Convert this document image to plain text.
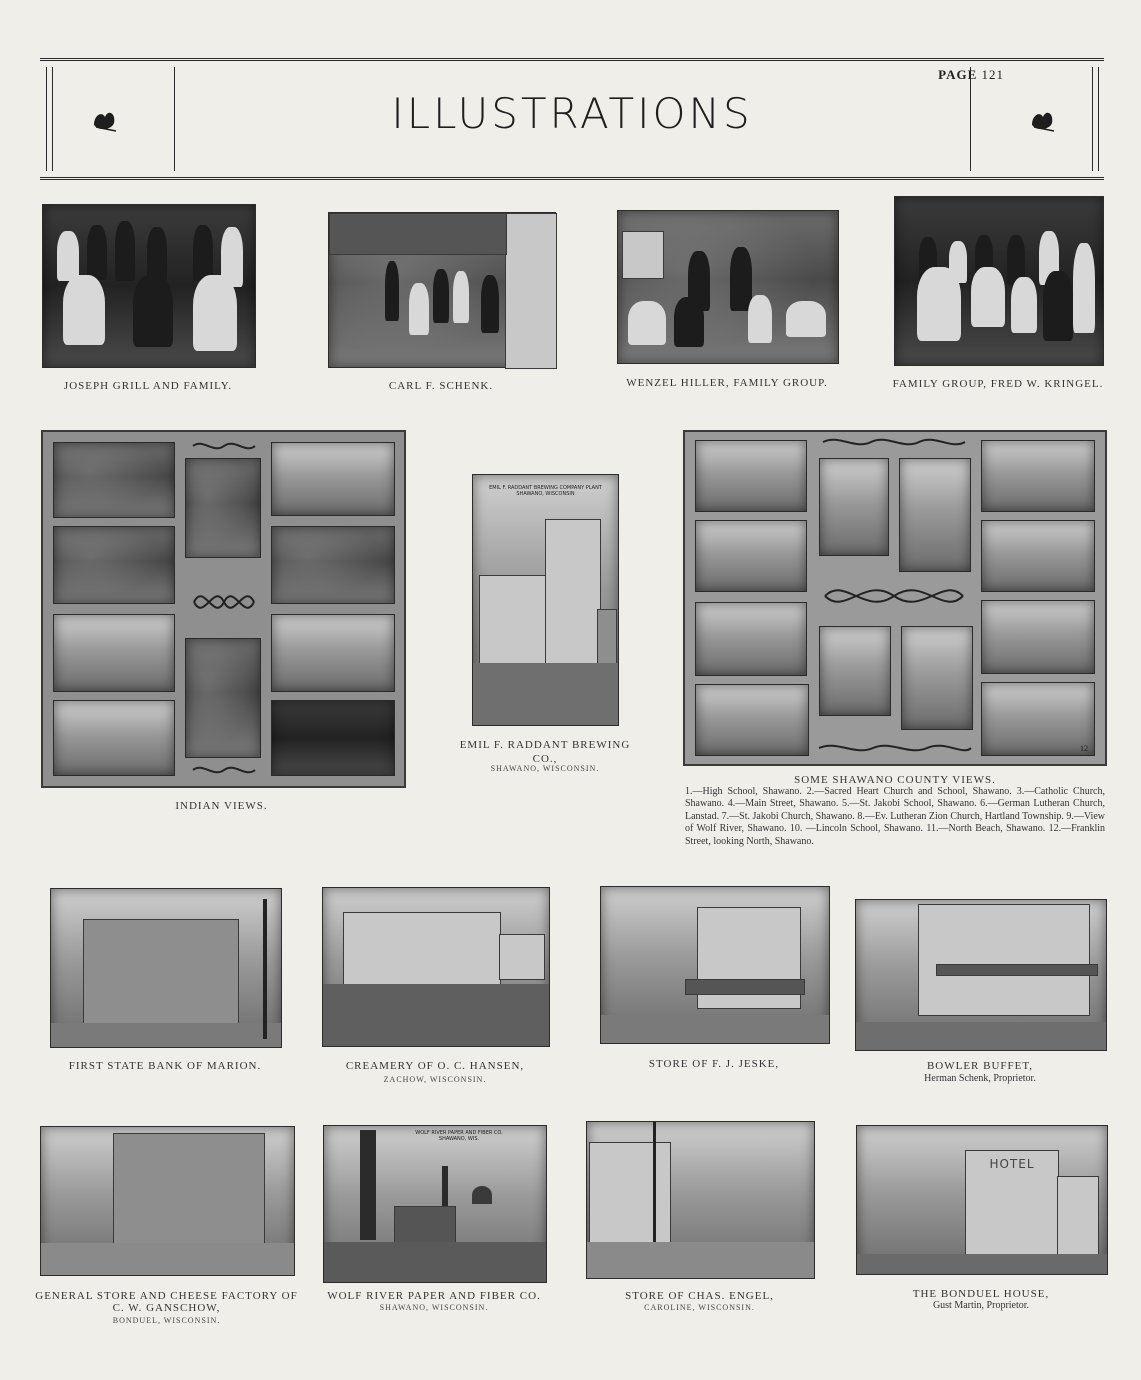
PAGE 121
ILLUSTRATIONS
JOSEPH GRILL AND FAMILY.	CARL F. SCHENK.	WENZEL HILLER, FAMILY GROUP.	FAMILY GROUP, FRED W. KRINGEL.
INDIAN VIEWS.
EMIL F. RADDANT BREWING COMPANY PLANT SHAWANO, WISCONSIN
EMIL F. RADDANT BREWING CO.,
SHAWANO, WISCONSIN.
12
SOME SHAWANO COUNTY VIEWS.
1.—High School, Shawano. 2.—Sacred Heart Church and School, Shawano. 3.—Catholic Church, Shawano. 4.—Main Street, Shawano. 5.—St. Jakobi School, Shawano. 6.—German Lutheran Church, Lanstad. 7.—St. Jakobi Church, Shawano. 8.—Ev. Lutheran Zion Church, Hartland Township. 9.—View of Wolf River, Shawano. 10. —Lincoln School, Shawano. 11.—North Beach, Shawano. 12.—Franklin Street, looking North, Shawano.
FIRST STATE BANK OF MARION.	CREAMERY OF O. C. HANSEN,
ZACHOW, WISCONSIN.
STORE OF F. J. JESKE,	BOWLER BUFFET,
Herman Schenk, Proprietor.
GENERAL STORE AND CHEESE FACTORY OF
C. W. GANSCHOW,
BONDUEL, WISCONSIN.
WOLF RIVER PAPER AND FIBER CO. SHAWANO, WIS.
WOLF RIVER PAPER AND FIBER CO.
SHAWANO, WISCONSIN.
STORE OF CHAS. ENGEL,
CAROLINE, WISCONSIN.
HOTEL
THE BONDUEL HOUSE,
Gust Martin, Proprietor.
